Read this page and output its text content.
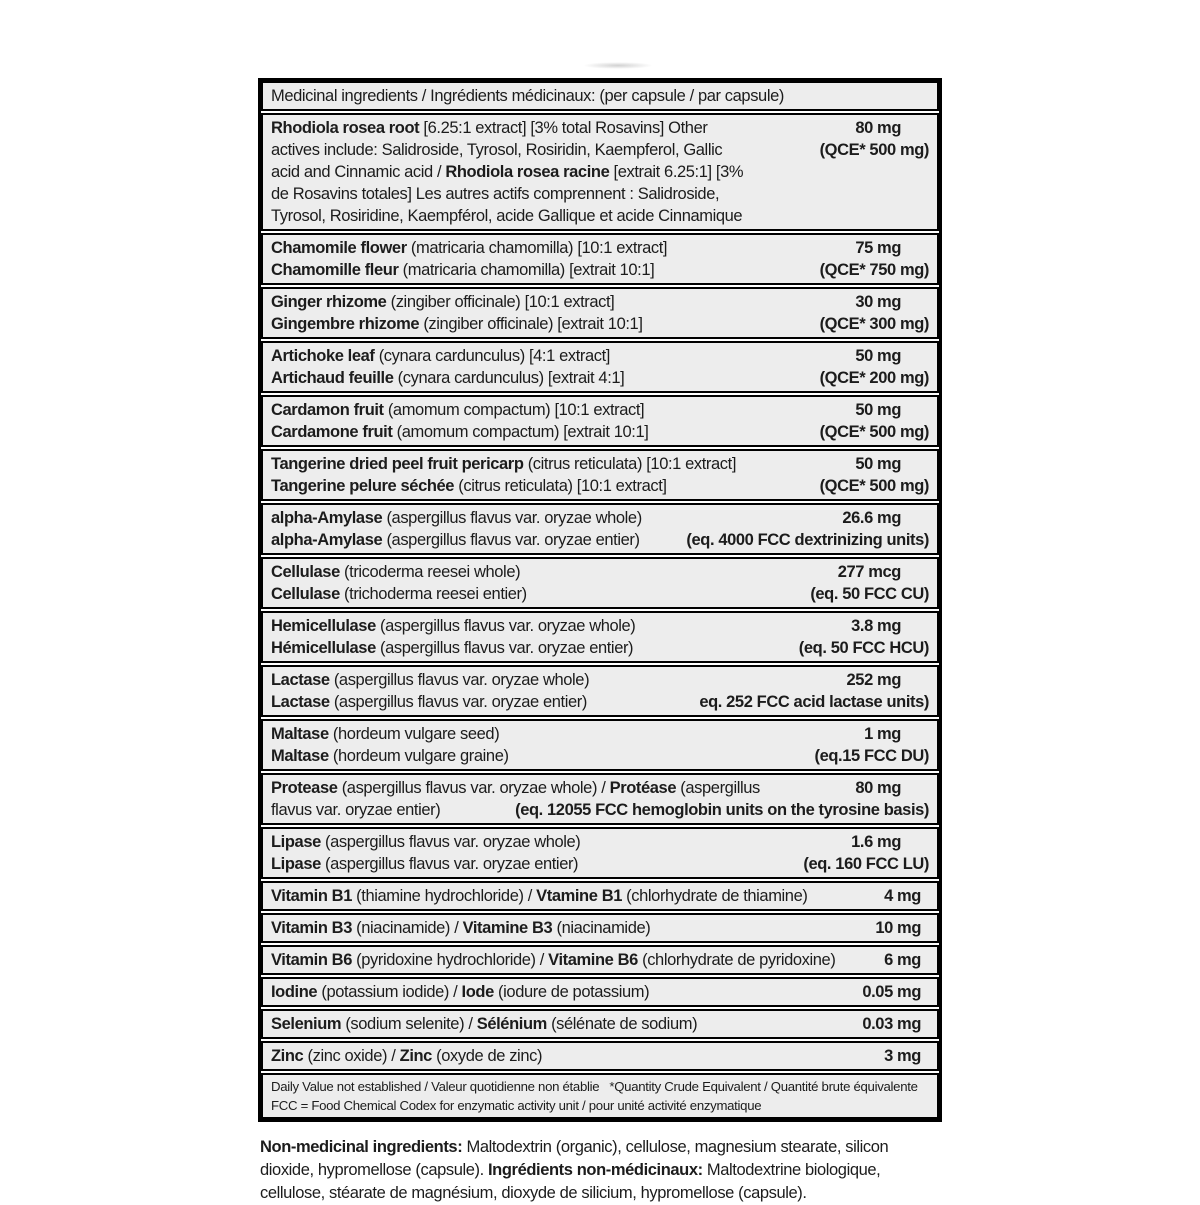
Medicinal ingredients / Ingrédients médicinaux: (per capsule / par capsule)
Rhodiola rosea root [6.25:1 extract] [3% total Rosavins] Other	80 mg
actives include: Salidroside, Tyrosol, Rosiridin, Kaempferol, Gallic	(QCE* 500 mg)
acid and Cinnamic acid / Rhodiola rosea racine [extrait 6.25:1] [3%
de Rosavins totales] Les autres actifs comprennent : Salidroside,
Tyrosol, Rosiridine, Kaempférol, acide Gallique et acide Cinnamique
Chamomile flower (matricaria chamomilla) [10:1 extract]	75 mg
Chamomille fleur (matricaria chamomilla) [extrait 10:1]	(QCE* 750 mg)
Ginger rhizome (zingiber officinale) [10:1 extract]	30 mg
Gingembre rhizome (zingiber officinale) [extrait 10:1]	(QCE* 300 mg)
Artichoke leaf (cynara cardunculus) [4:1 extract]	50 mg
Artichaud feuille (cynara cardunculus) [extrait 4:1]	(QCE* 200 mg)
Cardamon fruit (amomum compactum) [10:1 extract]	50 mg
Cardamone fruit (amomum compactum) [extrait 10:1]	(QCE* 500 mg)
Tangerine dried peel fruit pericarp (citrus reticulata) [10:1 extract]	50 mg
Tangerine pelure séchée (citrus reticulata) [10:1 extract]	(QCE* 500 mg)
alpha-Amylase (aspergillus flavus var. oryzae whole)	26.6 mg
alpha-Amylase (aspergillus flavus var. oryzae entier)	(eq. 4000 FCC dextrinizing units)
Cellulase (tricoderma reesei whole)	277 mcg
Cellulase (trichoderma reesei entier)	(eq. 50 FCC CU)
Hemicellulase (aspergillus flavus var. oryzae whole)	3.8 mg
Hémicellulase (aspergillus flavus var. oryzae entier)	(eq. 50 FCC HCU)
Lactase (aspergillus flavus var. oryzae whole)	252 mg
Lactase (aspergillus flavus var. oryzae entier)	eq. 252 FCC acid lactase units)
Maltase (hordeum vulgare seed)	1 mg
Maltase (hordeum vulgare graine)	(eq.15 FCC DU)
Protease (aspergillus flavus var. oryzae whole) / Protéase (aspergillus	80 mg
flavus var. oryzae entier)	(eq. 12055 FCC hemoglobin units on the tyrosine basis)
Lipase (aspergillus flavus var. oryzae whole)	1.6 mg
Lipase (aspergillus flavus var. oryzae entier)	(eq. 160 FCC LU)
Vitamin B1 (thiamine hydrochloride) / Vtamine B1 (chlorhydrate de thiamine)	4 mg
Vitamin B3 (niacinamide) / Vitamine B3 (niacinamide)	10 mg
Vitamin B6 (pyridoxine hydrochloride) / Vitamine B6 (chlorhydrate de pyridoxine)	6 mg
Iodine (potassium iodide) / Iode (iodure de potassium)	0.05 mg
Selenium (sodium selenite) / Sélénium (sélénate de sodium)	0.03 mg
Zinc (zinc oxide) / Zinc (oxyde de zinc)	3 mg
Daily Value not established / Valeur quotidienne non établie   *Quantity Crude Equivalent / Quantité brute équivalente
FCC = Food Chemical Codex for enzymatic activity unit / pour unité activité enzymatique
Non-medicinal ingredients: Maltodextrin (organic), cellulose, magnesium stearate, silicon dioxide, hypromellose (capsule). Ingrédients non-médicinaux: Maltodextrine biologique, cellulose, stéarate de magnésium, dioxyde de silicium, hypromellose (capsule).
